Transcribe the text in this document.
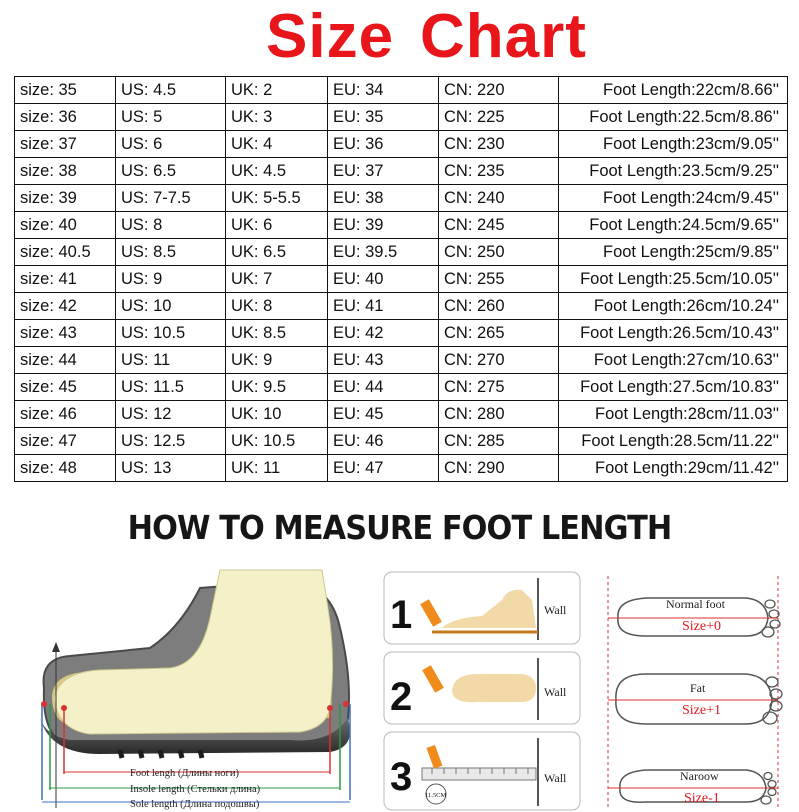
Size Chart
size: 35	US: 4.5	UK: 2	EU: 34	CN: 220	Foot Length:22cm/8.66''
size: 36	US: 5	UK: 3	EU: 35	CN: 225	Foot Length:22.5cm/8.86''
size: 37	US: 6	UK: 4	EU: 36	CN: 230	Foot Length:23cm/9.05''
size: 38	US: 6.5	UK: 4.5	EU: 37	CN: 235	Foot Length:23.5cm/9.25''
size: 39	US: 7-7.5	UK: 5-5.5	EU: 38	CN: 240	Foot Length:24cm/9.45''
size: 40	US: 8	UK: 6	EU: 39	CN: 245	Foot Length:24.5cm/9.65''
size: 40.5	US: 8.5	UK: 6.5	EU: 39.5	CN: 250	Foot Length:25cm/9.85''
size: 41	US: 9	UK: 7	EU: 40	CN: 255	Foot Length:25.5cm/10.05''
size: 42	US: 10	UK: 8	EU: 41	CN: 260	Foot Length:26cm/10.24''
size: 43	US: 10.5	UK: 8.5	EU: 42	CN: 265	Foot Length:26.5cm/10.43''
size: 44	US: 11	UK: 9	EU: 43	CN: 270	Foot Length:27cm/10.63''
size: 45	US: 11.5	UK: 9.5	EU: 44	CN: 275	Foot Length:27.5cm/10.83''
size: 46	US: 12	UK: 10	EU: 45	CN: 280	Foot Length:28cm/11.03''
size: 47	US: 12.5	UK: 10.5	EU: 46	CN: 285	Foot Length:28.5cm/11.22''
size: 48	US: 13	UK: 11	EU: 47	CN: 290	Foot Length:29cm/11.42''
HOW TO MEASURE FOOT LENGTH
Foot lengh (Длины ноги)
Insole length (Стельки длина)
Sole length (Длина подошвы)
1	Wall
2	Wall
3 11.5CM
Wall
Normal foot
Size+0
Fat
Size+1
Naroow
Size-1
